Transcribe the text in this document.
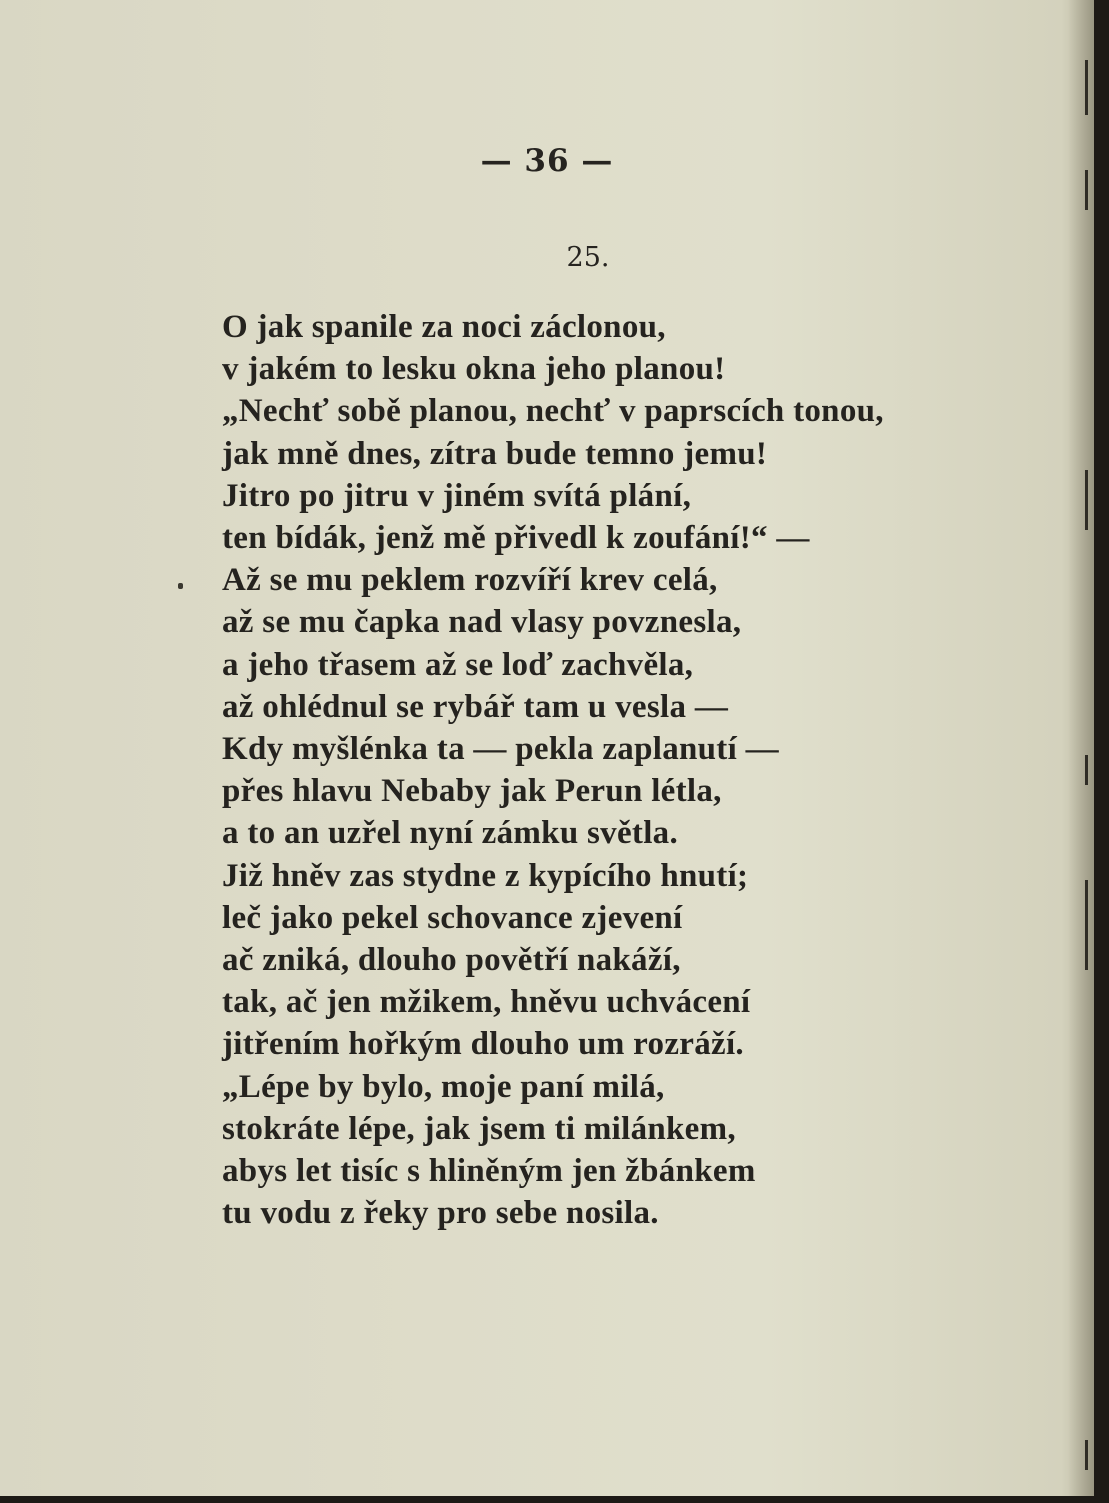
— 36 —
25.
O jak spanile za noci záclonou,
v jakém to lesku okna jeho planou!
„Nechť sobě planou, nechť v paprscích tonou,
jak mně dnes, zítra bude temno jemu!
Jitro po jitru v jiném svítá plání,
ten bídák, jenž mě přivedl k zoufání!“ —
Až se mu peklem rozvíří krev celá,
až se mu čapka nad vlasy povznesla,
a jeho třasem až se loď zachvěla,
až ohlédnul se rybář tam u vesla —
Kdy myšlénka ta — pekla zaplanutí —
přes hlavu Nebaby jak Perun létla,
a to an uzřel nyní zámku světla.
Již hněv zas stydne z kypícího hnutí;
leč jako pekel schovance zjevení
ač zniká, dlouho povětří nakáží,
tak, ač jen mžikem, hněvu uchvácení
jitřením hořkým dlouho um rozráží.
„Lépe by bylo, moje paní milá,
stokráte lépe, jak jsem ti milánkem,
abys let tisíc s hliněným jen žbánkem
tu vodu z řeky pro sebe nosila.
